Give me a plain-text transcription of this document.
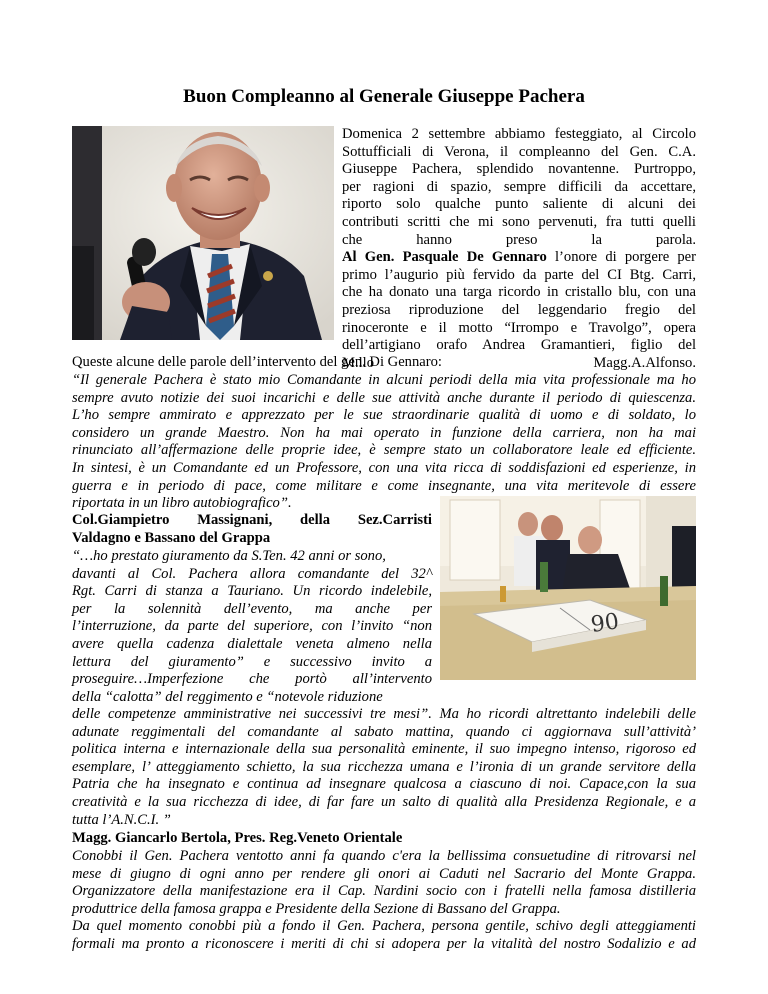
Buon Compleanno al Generale Giuseppe Pachera
Domenica 2 settembre abbiamo festeggiato, al Circolo
Sottufficiali di Verona, il compleanno del Gen. C.A.
Giuseppe Pachera, splendido novantenne. Purtroppo,
per ragioni di spazio, sempre difficili da accettare,
riporto solo qualche punto saliente di alcuni dei
contributi scritti che mi sono pervenuti, fra tutti quelli
che hanno preso la parola.
Al Gen. Pasquale De Gennaro l’onore di porgere per
primo l’augurio più fervido da parte del CI Btg. Carri,
che ha donato una targa ricordo in cristallo blu, con una
preziosa riproduzione del leggendario fregio del
rinoceronte e il motto “Irrompo e Travolgo”, opera
dell’artigiano orafo Andrea Gramantieri, figlio del
M.llo Magg.A.Alfonso.
Queste alcune delle parole dell’intervento del gen. Di Gennaro:
“Il generale Pachera è stato mio Comandante in alcuni periodi della mia vita professionale ma ho
sempre avuto notizie dei suoi incarichi e delle sue attività anche durante il periodo di quiescenza.
L’ho sempre ammirato e apprezzato per le sue straordinarie qualità di uomo e di soldato, lo
considero un grande Maestro. Non ha mai operato in funzione della carriera, non ha mai
rinunciato all’affermazione delle proprie idee, è sempre stato un collaboratore leale ed efficiente.
In sintesi, è un Comandante ed un Professore, con una vita ricca di soddisfazioni ed esperienze, in
guerra e in periodo di pace, come militare e come insegnante, una vita meritevole di essere
riportata in un libro autobiografico”.
90
Col.Giampietro Massignani, della Sez.Carristi
Valdagno e Bassano del Grappa
“…ho prestato giuramento da S.Ten. 42 anni or sono,
davanti al Col. Pachera allora comandante del 32^
Rgt. Carri di stanza a Tauriano. Un ricordo indelebile,
per la solennità dell’evento, ma anche per
l’interruzione, da parte del superiore, con l’invito “non
avere quella cadenza dialettale veneta almeno nella
lettura del giuramento” e successivo invito a
proseguire…Imperfezione che portò all’intervento
della “calotta” del reggimento e “notevole riduzione
delle competenze amministrative nei successivi tre mesi”. Ma ho ricordi altrettanto indelebili delle
adunate reggimentali del comandante al sabato mattina, quando ci aggiornava sull’attività’
politica interna e internazionale della sua personalità eminente, il suo impegno intenso, rigoroso ed
esemplare, l’ atteggiamento schietto, la sua ricchezza umana e l’ironia di un grande servitore della
Patria che ha insegnato e continua ad insegnare qualcosa a ciascuno di noi. Capace,con la sua
creatività e la sua ricchezza di idee, di far fare un salto di qualità alla Presidenza Regionale, e a
tutta l’A.N.C.I. ”
Magg. Giancarlo Bertola, Pres. Reg.Veneto Orientale
Conobbi il Gen. Pachera ventotto anni fa quando c'era la bellissima consuetudine di ritrovarsi nel
mese di giugno di ogni anno per rendere gli onori ai Caduti nel Sacrario del Monte Grappa.
Organizzatore della manifestazione era il Cap. Nardini socio con i fratelli nella famosa distilleria
produttrice della famosa grappa e Presidente della Sezione di Bassano del Grappa.
Da quel momento conobbi più a fondo il Gen. Pachera, persona gentile, schivo degli atteggiamenti
formali ma pronto a riconoscere i meriti di chi si adopera per la vitalità del nostro Sodalizio e ad
